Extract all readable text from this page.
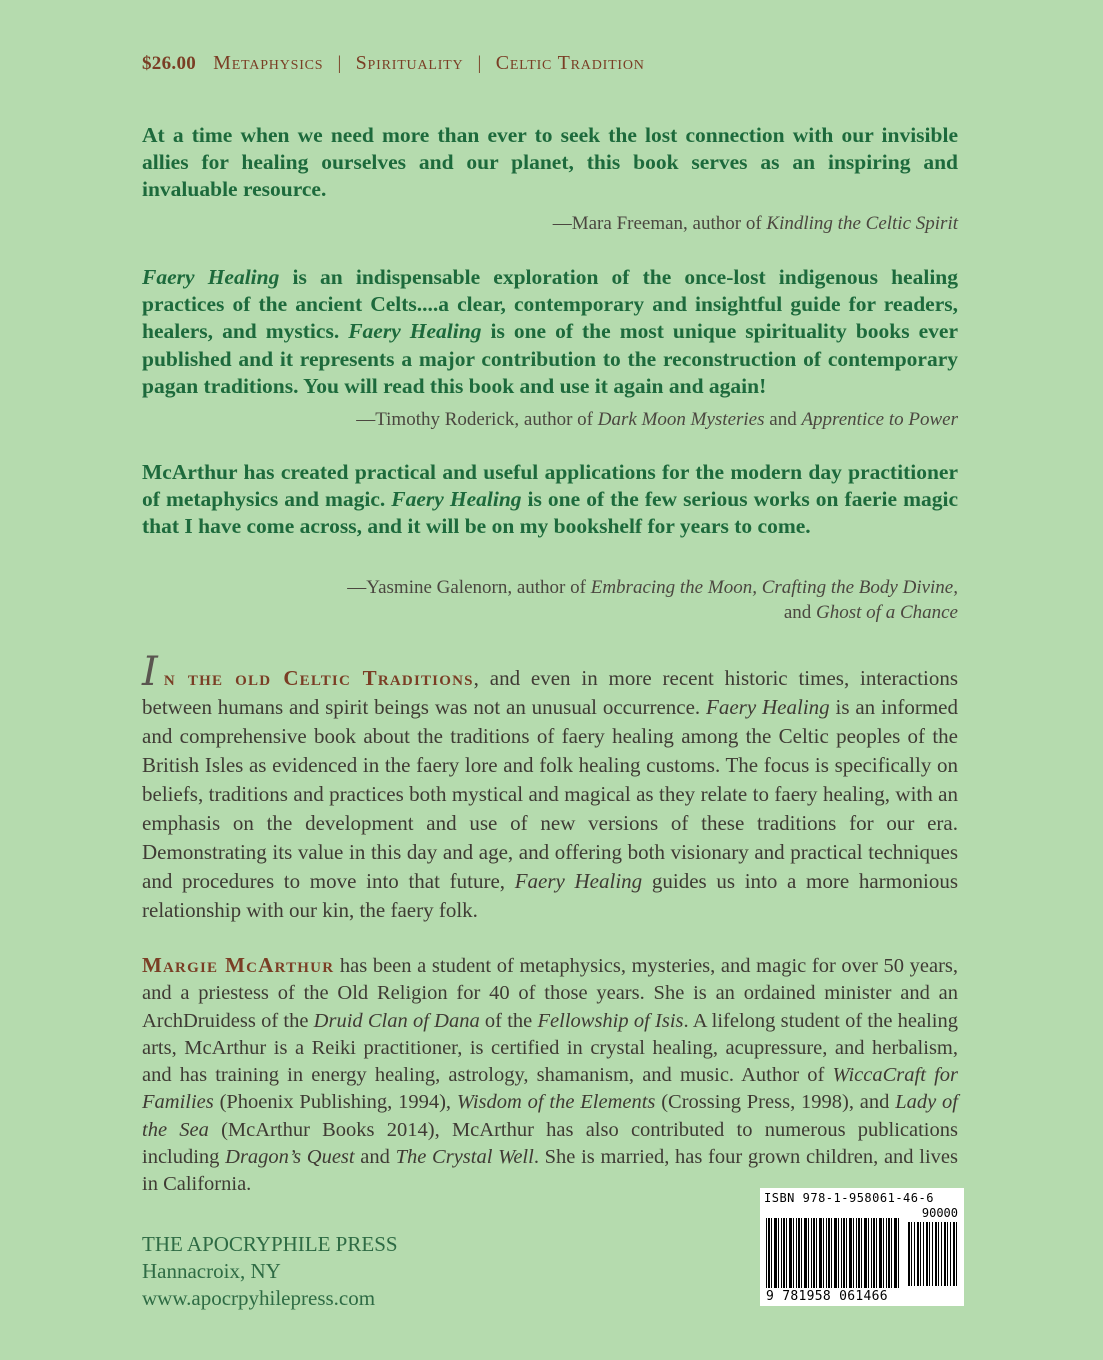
$26.00 Metaphysics | Spirituality | Celtic Tradition
At a time when we need more than ever to seek the lost connection with our invisible allies for healing ourselves and our planet, this book serves as an inspiring and invaluable resource.
—Mara Freeman, author of Kindling the Celtic Spirit
Faery Healing is an indispensable exploration of the once-lost indigenous healing practices of the ancient Celts....a clear, contemporary and insightful guide for readers, healers, and mystics. Faery Healing is one of the most unique spirituality books ever published and it represents a major contribution to the reconstruction of contemporary pagan traditions. You will read this book and use it again and again!
—Timothy Roderick, author of Dark Moon Mysteries and Apprentice to Power
McArthur has created practical and useful applications for the modern day practitioner of metaphysics and magic. Faery Healing is one of the few serious works on faerie magic that I have come across, and it will be on my bookshelf for years to come.
—Yasmine Galenorn, author of Embracing the Moon, Crafting the Body Divine,
and Ghost of a Chance
In the old Celtic Traditions, and even in more recent historic times, interactions between humans and spirit beings was not an unusual occurrence. Faery Healing is an informed and comprehensive book about the traditions of faery healing among the Celtic peoples of the British Isles as evidenced in the faery lore and folk healing customs. The focus is specifically on beliefs, traditions and practices both mystical and magical as they relate to faery healing, with an emphasis on the development and use of new versions of these traditions for our era. Demonstrating its value in this day and age, and offering both visionary and practical techniques and procedures to move into that future, Faery Healing guides us into a more harmonious relationship with our kin, the faery folk.
Margie McArthur has been a student of metaphysics, mysteries, and magic for over 50 years, and a priestess of the Old Religion for 40 of those years. She is an ordained minister and an ArchDruidess of the Druid Clan of Dana of the Fellowship of Isis. A lifelong student of the healing arts, McArthur is a Reiki practitioner, is certified in crystal healing, acupressure, and herbalism, and has training in energy healing, astrology, shamanism, and music. Author of WiccaCraft for Families (Phoenix Publishing, 1994), Wisdom of the Elements (Crossing Press, 1998), and Lady of the Sea (McArthur Books 2014), McArthur has also contributed to numerous publications including Dragon’s Quest and The Crystal Well. She is married, has four grown children, and lives in California.
THE APOCRYPHILE PRESS
Hannacroix, NY
www.apocrpyhilepress.com
ISBN 978-1-958061-46-6
90000
9 781958 061466
